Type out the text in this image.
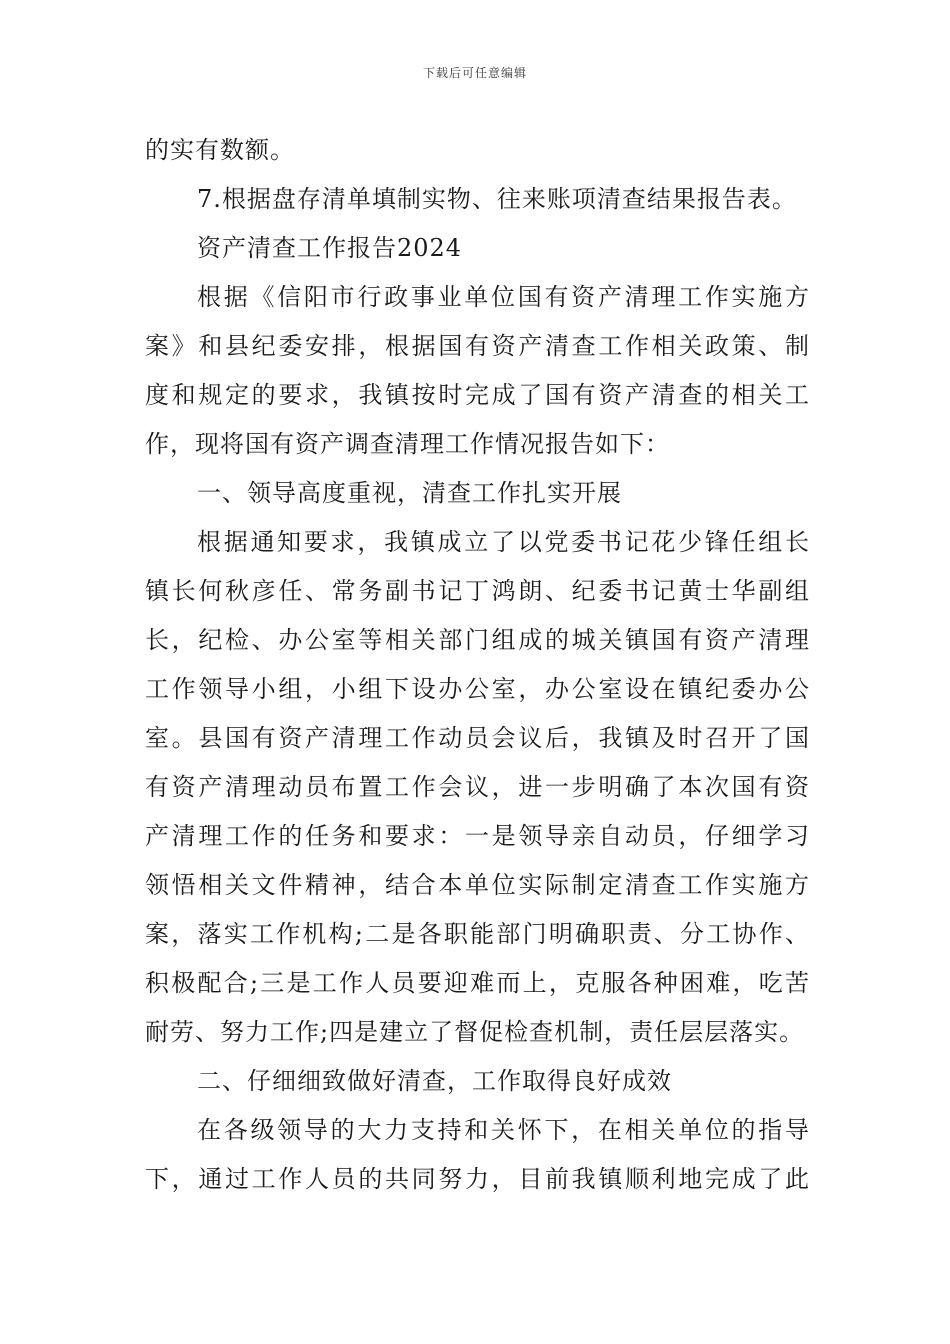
下载后可任意编辑
的实有数额。
7.根据盘存清单填制实物、往来账项清查结果报告表。
资产清查工作报告2024
根据《信阳市行政事业单位国有资产清理工作实施方
案》和县纪委安排，根据国有资产清查工作相关政策、制
度和规定的要求，我镇按时完成了国有资产清查的相关工
作，现将国有资产调查清理工作情况报告如下：
一、领导高度重视，清查工作扎实开展
根据通知要求，我镇成立了以党委书记花少锋任组长
镇长何秋彦任、常务副书记丁鸿朗、纪委书记黄士华副组
长，纪检、办公室等相关部门组成的城关镇国有资产清理
工作领导小组，小组下设办公室，办公室设在镇纪委办公
室。县国有资产清理工作动员会议后，我镇及时召开了国
有资产清理动员布置工作会议，进一步明确了本次国有资
产清理工作的任务和要求：一是领导亲自动员，仔细学习
领悟相关文件精神，结合本单位实际制定清查工作实施方
案，落实工作机构;二是各职能部门明确职责、分工协作、
积极配合;三是工作人员要迎难而上，克服各种困难，吃苦
耐劳、努力工作;四是建立了督促检查机制，责任层层落实。
二、仔细细致做好清查，工作取得良好成效
在各级领导的大力支持和关怀下，在相关单位的指导
下，通过工作人员的共同努力，目前我镇顺利地完成了此
